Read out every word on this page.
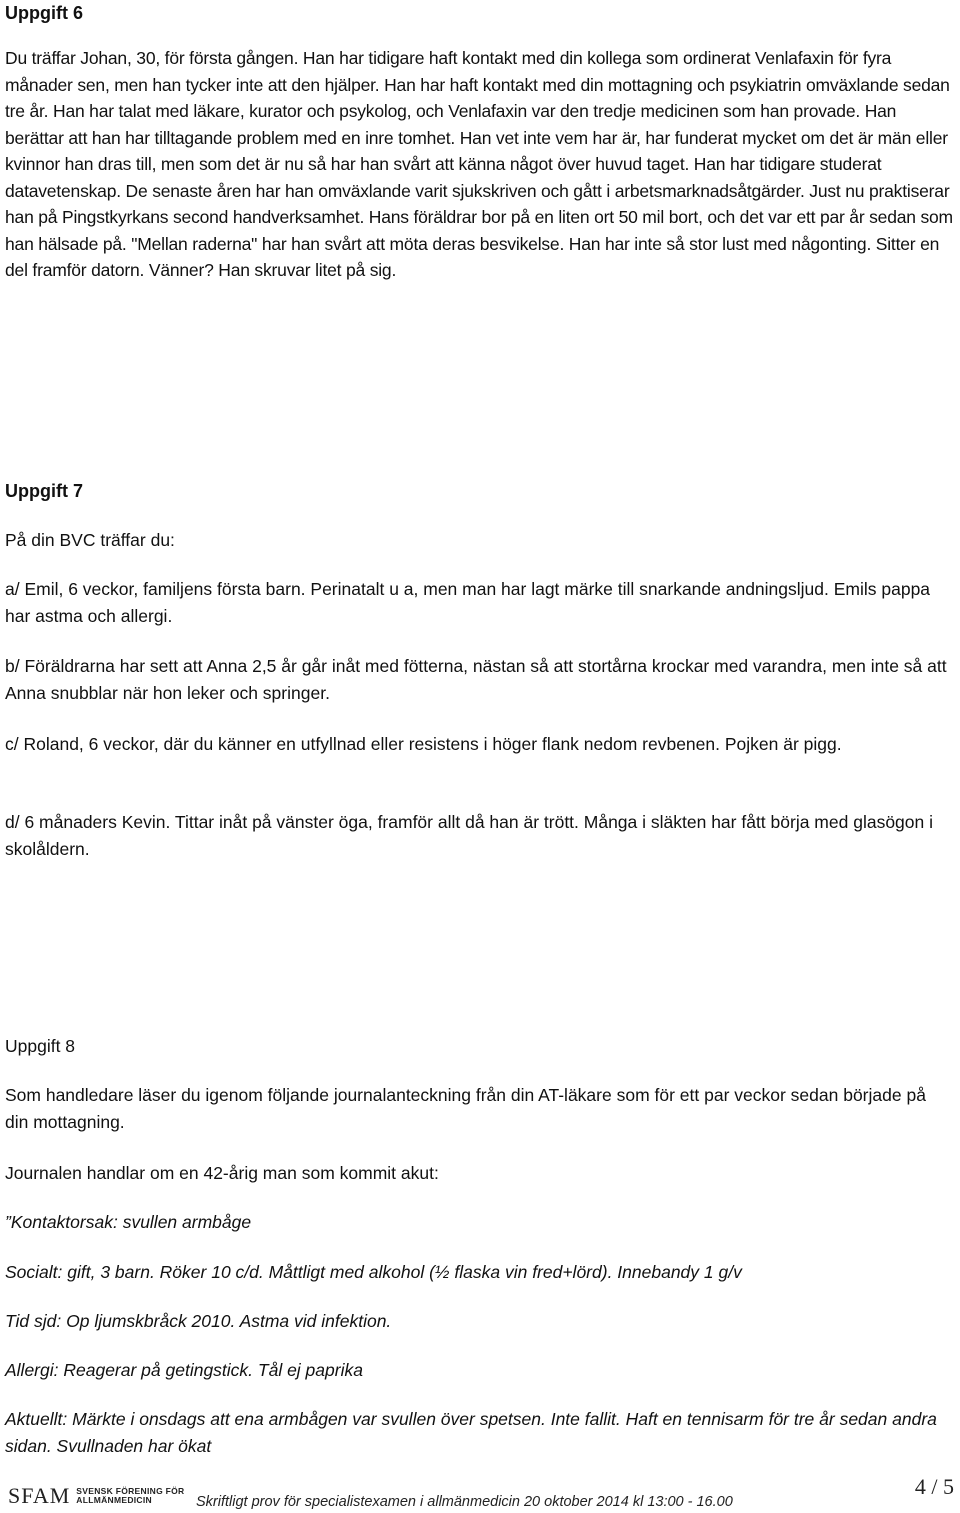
Uppgift 6
Du träffar Johan, 30, för första gången. Han har tidigare haft kontakt med din kollega som ordinerat Venlafaxin för fyra månader sen, men han tycker inte att den hjälper. Han har haft kontakt med din mottagning och psykiatrin omväxlande sedan tre år. Han har talat med läkare, kurator och psykolog, och Venlafaxin var den tredje medicinen som han provade. Han berättar att han har tilltagande problem med en inre tomhet. Han vet inte vem har är, har funderat mycket om det är män eller kvinnor han dras till, men som det är nu så har han svårt att känna något över huvud taget. Han har tidigare studerat datavetenskap. De senaste åren har han omväxlande varit sjukskriven och gått i arbetsmarknadsåtgärder. Just nu praktiserar han på Pingstkyrkans second handverksamhet. Hans föräldrar bor på en liten ort 50 mil bort, och det var ett par år sedan som han hälsade på. "Mellan raderna" har han svårt att möta deras besvikelse. Han har inte så stor lust med någonting. Sitter en del framför datorn. Vänner? Han skruvar litet på sig.
Uppgift 7
På din BVC träffar du:
a/ Emil, 6 veckor, familjens första barn. Perinatalt u a, men man har lagt märke till snarkande andningsljud. Emils pappa har astma och allergi.
b/ Föräldrarna har sett att Anna 2,5 år går inåt med fötterna, nästan så att stortårna krockar med varandra, men inte så att Anna snubblar när hon leker och springer.
c/ Roland, 6 veckor, där du känner en utfyllnad eller resistens i höger flank nedom revbenen. Pojken är pigg.
d/ 6 månaders Kevin. Tittar inåt på vänster öga, framför allt då han är trött. Många i släkten har fått börja med glasögon i skolåldern.
Uppgift 8
Som handledare läser du igenom följande journalanteckning från din AT-läkare som för ett par veckor sedan började på din mottagning.
Journalen handlar om en 42-årig man som kommit akut:
”Kontaktorsak: svullen armbåge
Socialt: gift, 3 barn. Röker 10 c/d. Måttligt med alkohol (½ flaska vin fred+lörd). Innebandy 1 g/v
Tid sjd: Op ljumskbråck 2010. Astma vid infektion.
Allergi: Reagerar på getingstick. Tål ej paprika
Aktuellt: Märkte i onsdags att ena armbågen var svullen över spetsen. Inte fallit. Haft en tennisarm för tre år sedan andra sidan. Svullnaden har ökat
SFAM SVENSK FÖRENING FÖR
ALLMÄNMEDICIN
4 / 5
Skriftligt prov för specialistexamen i allmänmedicin 20 oktober 2014 kl 13:00 - 16.00
